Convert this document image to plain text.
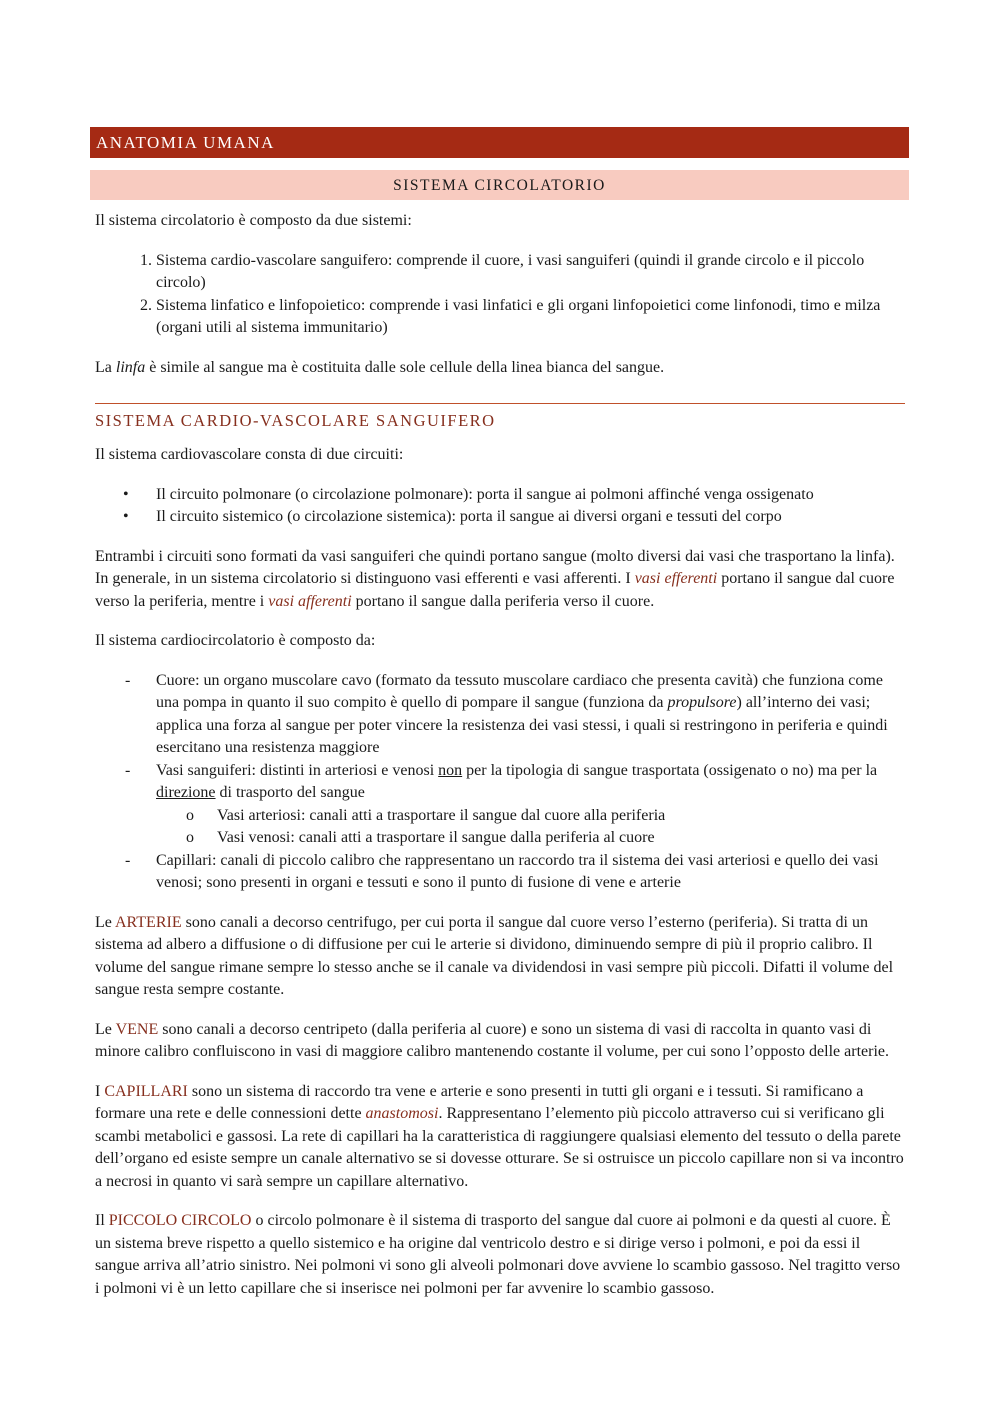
ANATOMIA UMANA
SISTEMA CIRCOLATORIO

Il sistema circolatorio è composto da due sistemi:

1. Sistema cardio-vascolare sanguifero: comprende il cuore, i vasi sanguiferi (quindi il grande circolo e il piccolo circolo)
2. Sistema linfatico e linfopoietico: comprende i vasi linfatici e gli organi linfopoietici come linfonodi, timo e milza (organi utili al sistema immunitario)

La linfa è simile al sangue ma è costituita dalle sole cellule della linea bianca del sangue.

SISTEMA CARDIO-VASCOLARE SANGUIFERO

Il sistema cardiovascolare consta di due circuiti:

• Il circuito polmonare (o circolazione polmonare): porta il sangue ai polmoni affinché venga ossigenato
• Il circuito sistemico (o circolazione sistemica): porta il sangue ai diversi organi e tessuti del corpo

Entrambi i circuiti sono formati da vasi sanguiferi che quindi portano sangue (molto diversi dai vasi che trasportano la linfa). In generale, in un sistema circolatorio si distinguono vasi efferenti e vasi afferenti. I vasi efferenti portano il sangue dal cuore verso la periferia, mentre i vasi afferenti portano il sangue dalla periferia verso il cuore.

Il sistema cardiocircolatorio è composto da:

- Cuore: un organo muscolare cavo (formato da tessuto muscolare cardiaco che presenta cavità) che funziona come una pompa in quanto il suo compito è quello di pompare il sangue (funziona da propulsore) all’interno dei vasi; applica una forza al sangue per poter vincere la resistenza dei vasi stessi, i quali si restringono in periferia e quindi esercitano una resistenza maggiore
- Vasi sanguiferi: distinti in arteriosi e venosi non per la tipologia di sangue trasportata (ossigenato o no) ma per la direzione di trasporto del sangue
o Vasi arteriosi: canali atti a trasportare il sangue dal cuore alla periferia
o Vasi venosi: canali atti a trasportare il sangue dalla periferia al cuore
- Capillari: canali di piccolo calibro che rappresentano un raccordo tra il sistema dei vasi arteriosi e quello dei vasi venosi; sono presenti in organi e tessuti e sono il punto di fusione di vene e arterie

Le ARTERIE sono canali a decorso centrifugo, per cui porta il sangue dal cuore verso l’esterno (periferia). Si tratta di un sistema ad albero a diffusione o di diffusione per cui le arterie si dividono, diminuendo sempre di più il proprio calibro. Il volume del sangue rimane sempre lo stesso anche se il canale va dividendosi in vasi sempre più piccoli. Difatti il volume del sangue resta sempre costante.

Le VENE sono canali a decorso centripeto (dalla periferia al cuore) e sono un sistema di vasi di raccolta in quanto vasi di minore calibro confluiscono in vasi di maggiore calibro mantenendo costante il volume, per cui sono l’opposto delle arterie.

I CAPILLARI sono un sistema di raccordo tra vene e arterie e sono presenti in tutti gli organi e i tessuti. Si ramificano a formare una rete e delle connessioni dette anastomosi. Rappresentano l’elemento più piccolo attraverso cui si verificano gli scambi metabolici e gassosi. La rete di capillari ha la caratteristica di raggiungere qualsiasi elemento del tessuto o della parete dell’organo ed esiste sempre un canale alternativo se si dovesse otturare. Se si ostruisce un piccolo capillare non si va incontro a necrosi in quanto vi sarà sempre un capillare alternativo.

Il PICCOLO CIRCOLO o circolo polmonare è il sistema di trasporto del sangue dal cuore ai polmoni e da questi al cuore. È un sistema breve rispetto a quello sistemico e ha origine dal ventricolo destro e si dirige verso i polmoni, e poi da essi il sangue arriva all’atrio sinistro. Nei polmoni vi sono gli alveoli polmonari dove avviene lo scambio gassoso. Nel tragitto verso i polmoni vi è un letto capillare che si inserisce nei polmoni per far avvenire lo scambio gassoso.
